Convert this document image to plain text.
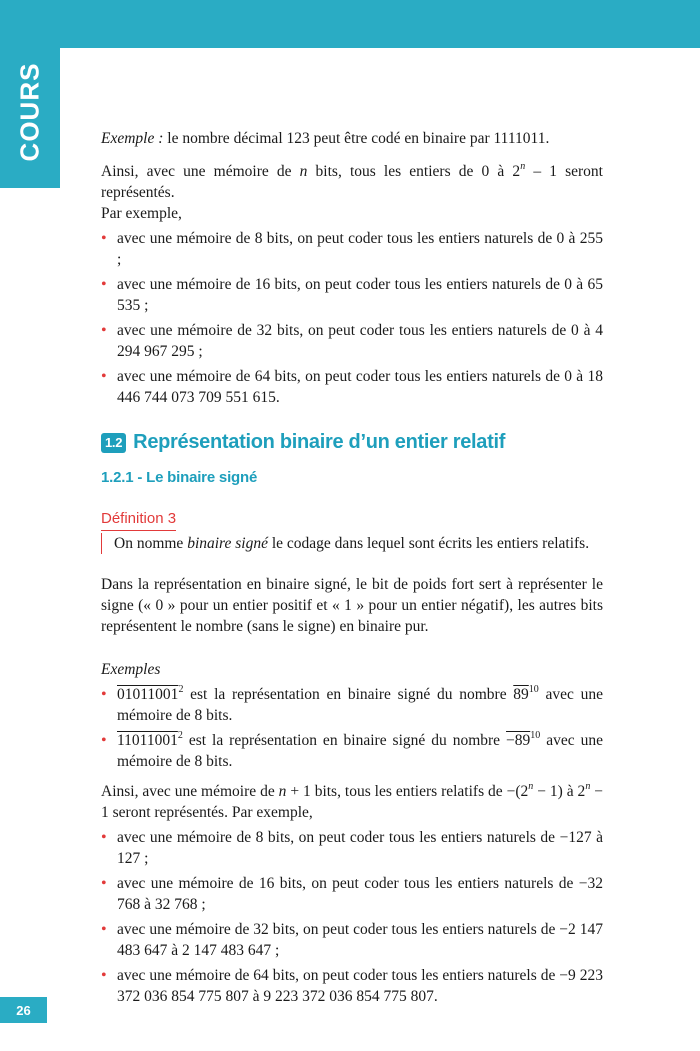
COURS	Exemple : le nombre décimal 123 peut être codé en binaire par 1111011.

Ainsi, avec une mémoire de n bits, tous les entiers de 0 à 2$^n$ – 1 seront représentés.
Par exemple,

• avec une mémoire de 8 bits, on peut coder tous les entiers naturels de 0 à 255 ;
• avec une mémoire de 16 bits, on peut coder tous les entiers naturels de 0 à 65 535 ;
• avec une mémoire de 32 bits, on peut coder tous les entiers naturels de 0 à 4 294 967 295 ;
• avec une mémoire de 64 bits, on peut coder tous les entiers naturels de 0 à 18 446 744 073 709 551 615.
1.2 Représentation binaire d’un entier relatif
1.2.1 - Le binaire signé
Définition 3

On nomme binaire signé le codage dans lequel sont écrits les entiers relatifs.

Dans la représentation en binaire signé, le bit de poids fort sert à représenter le signe (« 0 » pour un entier positif et « 1 » pour un entier négatif), les autres bits représentent le nombre (sans le signe) en binaire pur.

Exemples

• 01011001$^2$ est la représentation en binaire signé du nombre $89^{10}$ avec une mémoire de 8 bits.
• 11011001$^2$ est la représentation en binaire signé du nombre $-89^{10}$ avec une mémoire de 8 bits.

Ainsi, avec une mémoire de n + 1 bits, tous les entiers relatifs de $-(2^n - 1)$ à $2^n - 1$ seront représentés. Par exemple,

• avec une mémoire de 8 bits, on peut coder tous les entiers naturels de −127 à 127 ;
• avec une mémoire de 16 bits, on peut coder tous les entiers naturels de −32 768 à 32 768 ;
• avec une mémoire de 32 bits, on peut coder tous les entiers naturels de −2 147 483 647 à 2 147 483 647 ;
• avec une mémoire de 64 bits, on peut coder tous les entiers naturels de −9 223 372 036 854 775 807 à 9 223 372 036 854 775 807.
26
